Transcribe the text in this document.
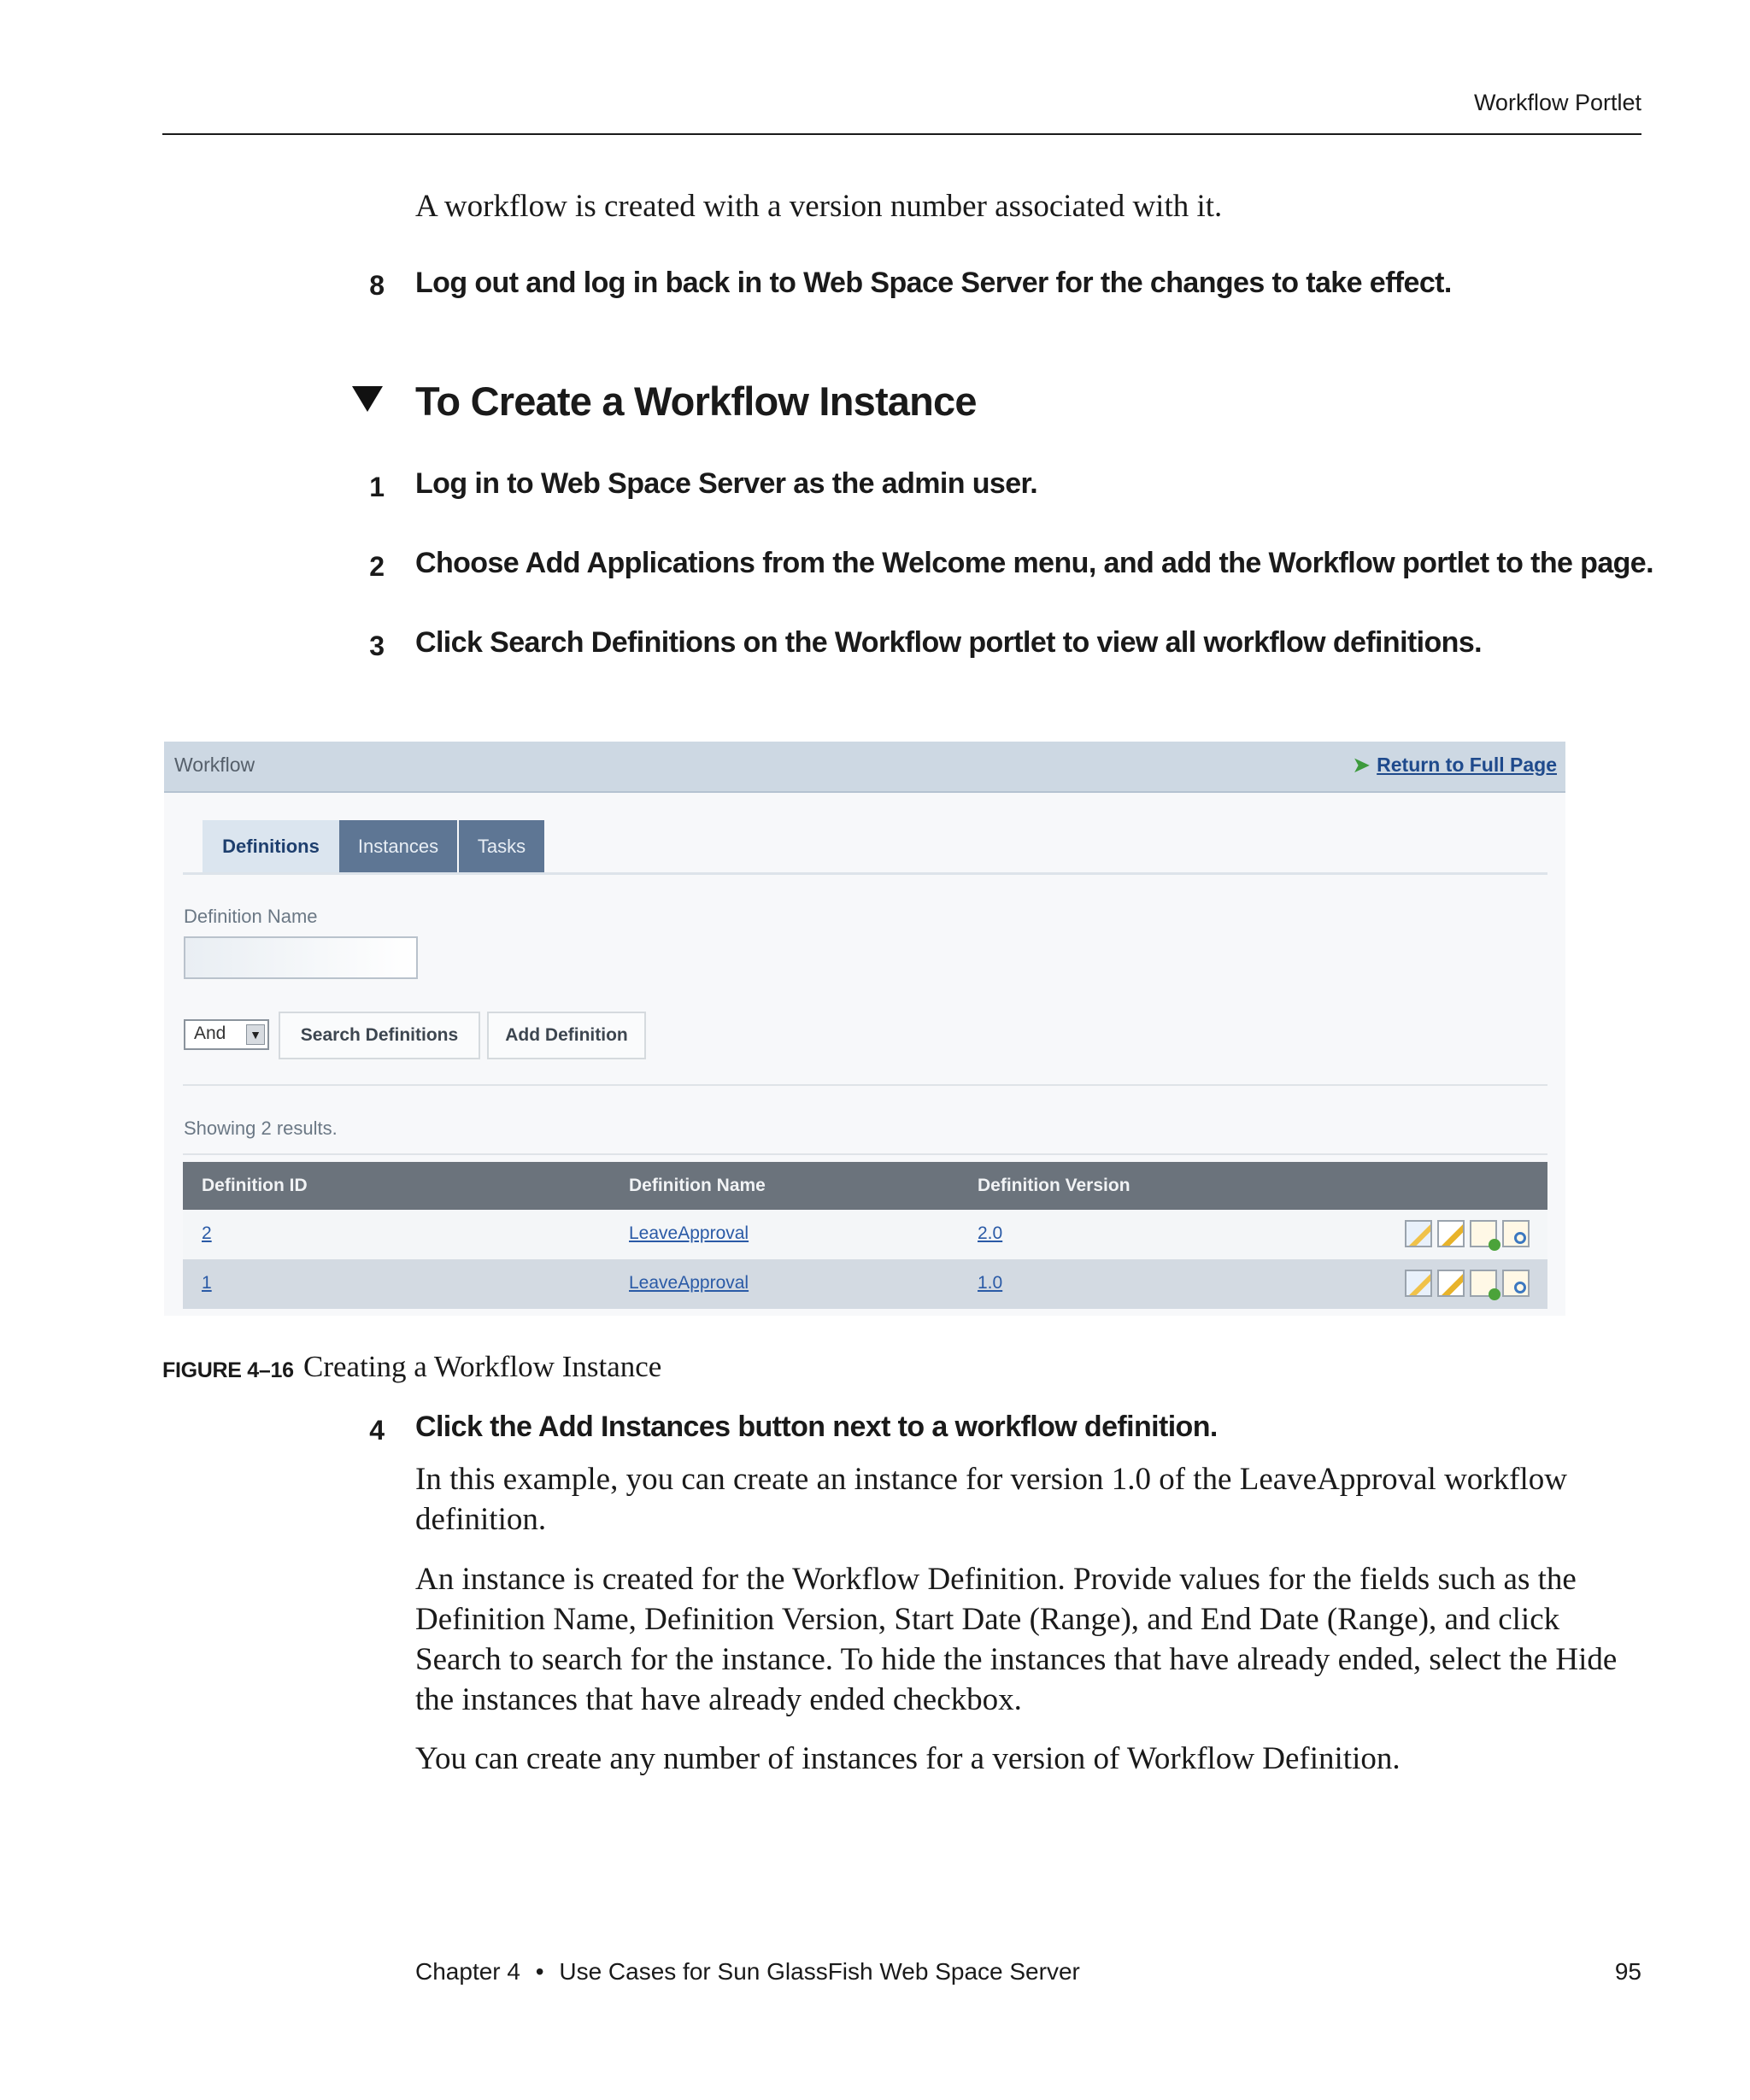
Workflow Portlet
A workflow is created with a version number associated with it.
8 Log out and log in back in to Web Space Server for the changes to take effect.
To Create a Workflow Instance
1 Log in to Web Space Server as the admin user.
2 Choose Add Applications from the Welcome menu, and add the Workflow portlet to the page.
3 Click Search Definitions on the Workflow portlet to view all workflow definitions.
Workflow	➤ Return to Full Page
Definitions	Instances	Tasks
Definition Name
And ▼	Search Definitions	Add Definition
Showing 2 results.
Definition ID	Definition Name	Definition Version
2	LeaveApproval	2.0
1	LeaveApproval	1.0
FIGURE 4–16 Creating a Workflow Instance
4 Click the Add Instances button next to a workflow definition.
In this example, you can create an instance for version 1.0 of the LeaveApproval workflow definition.
An instance is created for the Workflow Definition. Provide values for the fields such as the Definition Name, Definition Version, Start Date (Range), and End Date (Range), and click Search to search for the instance. To hide the instances that have already ended, select the Hide the instances that have already ended checkbox.
You can create any number of instances for a version of Workflow Definition.
Chapter 4 • Use Cases for Sun GlassFish Web Space Server	95
